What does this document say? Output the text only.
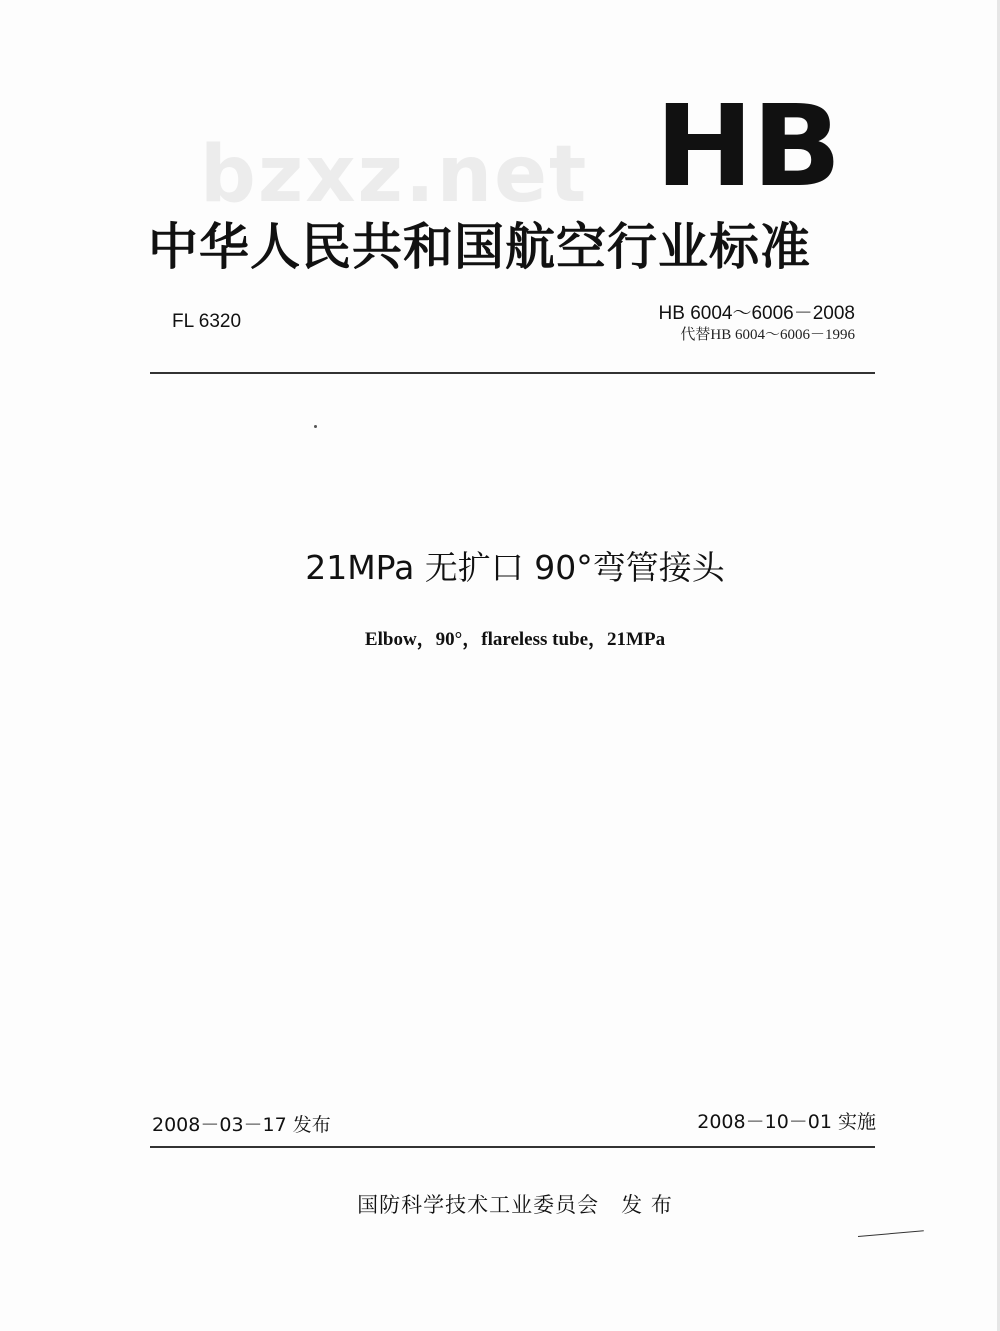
bzxz.net HB
中华人民共和国航空行业标准
FL 6320	HB 6004～6006－2008
代替HB 6004～6006－1996
21MPa 无扩口 90°弯管接头
Elbow，90°，flareless tube，21MPa
2008－03－17 发布	2008－10－01 实施
国防科学技术工业委员会　发 布
